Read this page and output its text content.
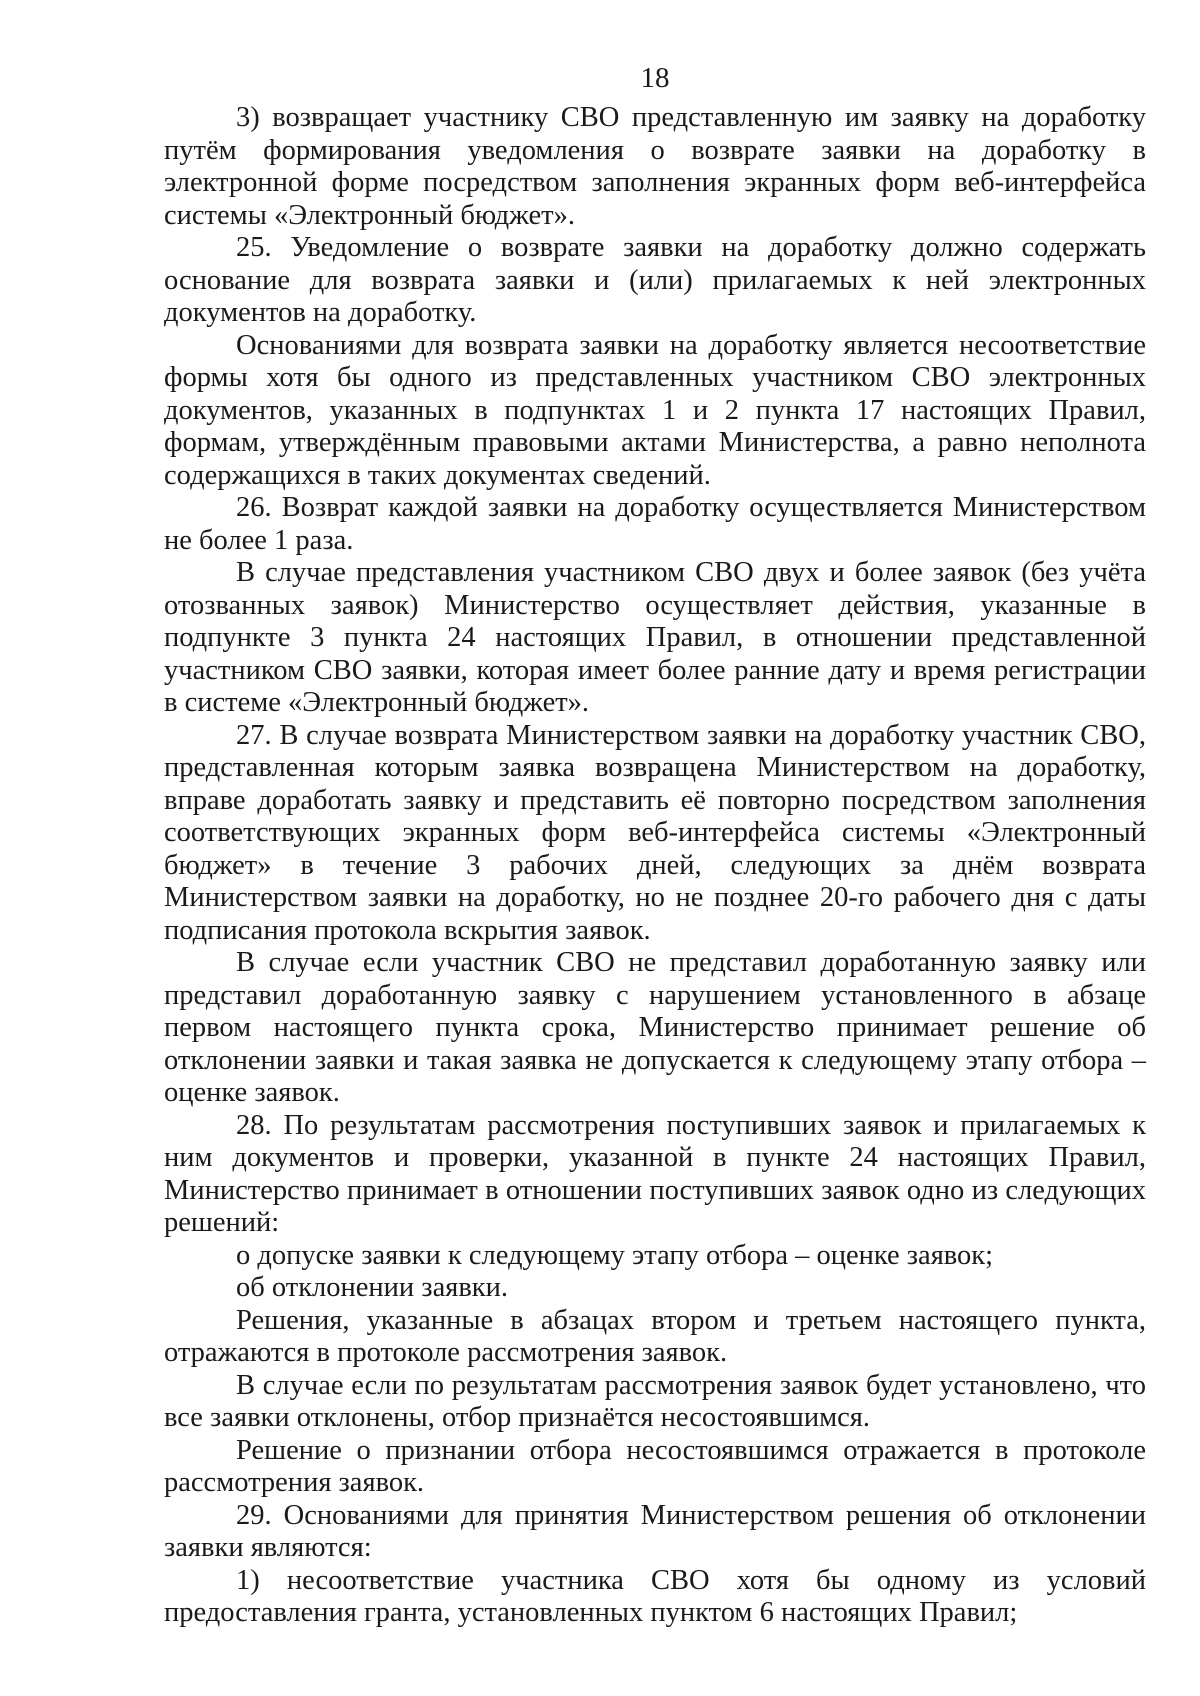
18

3) возвращает участнику СВО представленную им заявку на доработку путём формирования уведомления о возврате заявки на доработку в электронной форме посредством заполнения экранных форм веб-интерфейса системы «Электронный бюджет».

25. Уведомление о возврате заявки на доработку должно содержать основание для возврата заявки и (или) прилагаемых к ней электронных документов на доработку.

Основаниями для возврата заявки на доработку является несоответствие формы хотя бы одного из представленных участником СВО электронных документов, указанных в подпунктах 1 и 2 пункта 17 настоящих Правил, формам, утверждённым правовыми актами Министерства, а равно неполнота содержащихся в таких документах сведений.

26. Возврат каждой заявки на доработку осуществляется Министерством не более 1 раза.

В случае представления участником СВО двух и более заявок (без учёта отозванных заявок) Министерство осуществляет действия, указанные в подпункте 3 пункта 24 настоящих Правил, в отношении представленной участником СВО заявки, которая имеет более ранние дату и время регистрации в системе «Электронный бюджет».

27. В случае возврата Министерством заявки на доработку участник СВО, представленная которым заявка возвращена Министерством на доработку, вправе доработать заявку и представить её повторно посредством заполнения соответствующих экранных форм веб-интерфейса системы «Электронный бюджет» в течение 3 рабочих дней, следующих за днём возврата Министерством заявки на доработку, но не позднее 20-го рабочего дня с даты подписания протокола вскрытия заявок.

В случае если участник СВО не представил доработанную заявку или представил доработанную заявку с нарушением установленного в абзаце первом настоящего пункта срока, Министерство принимает решение об отклонении заявки и такая заявка не допускается к следующему этапу отбора – оценке заявок.

28. По результатам рассмотрения поступивших заявок и прилагаемых к ним документов и проверки, указанной в пункте 24 настоящих Правил, Министерство принимает в отношении поступивших заявок одно из следующих решений:

о допуске заявки к следующему этапу отбора – оценке заявок;

об отклонении заявки.

Решения, указанные в абзацах втором и третьем настоящего пункта, отражаются в протоколе рассмотрения заявок.

В случае если по результатам рассмотрения заявок будет установлено, что все заявки отклонены, отбор признаётся несостоявшимся.

Решение о признании отбора несостоявшимся отражается в протоколе рассмотрения заявок.

29. Основаниями для принятия Министерством решения об отклонении заявки являются:

1) несоответствие участника СВО хотя бы одному из условий предоставления гранта, установленных пунктом 6 настоящих Правил;
